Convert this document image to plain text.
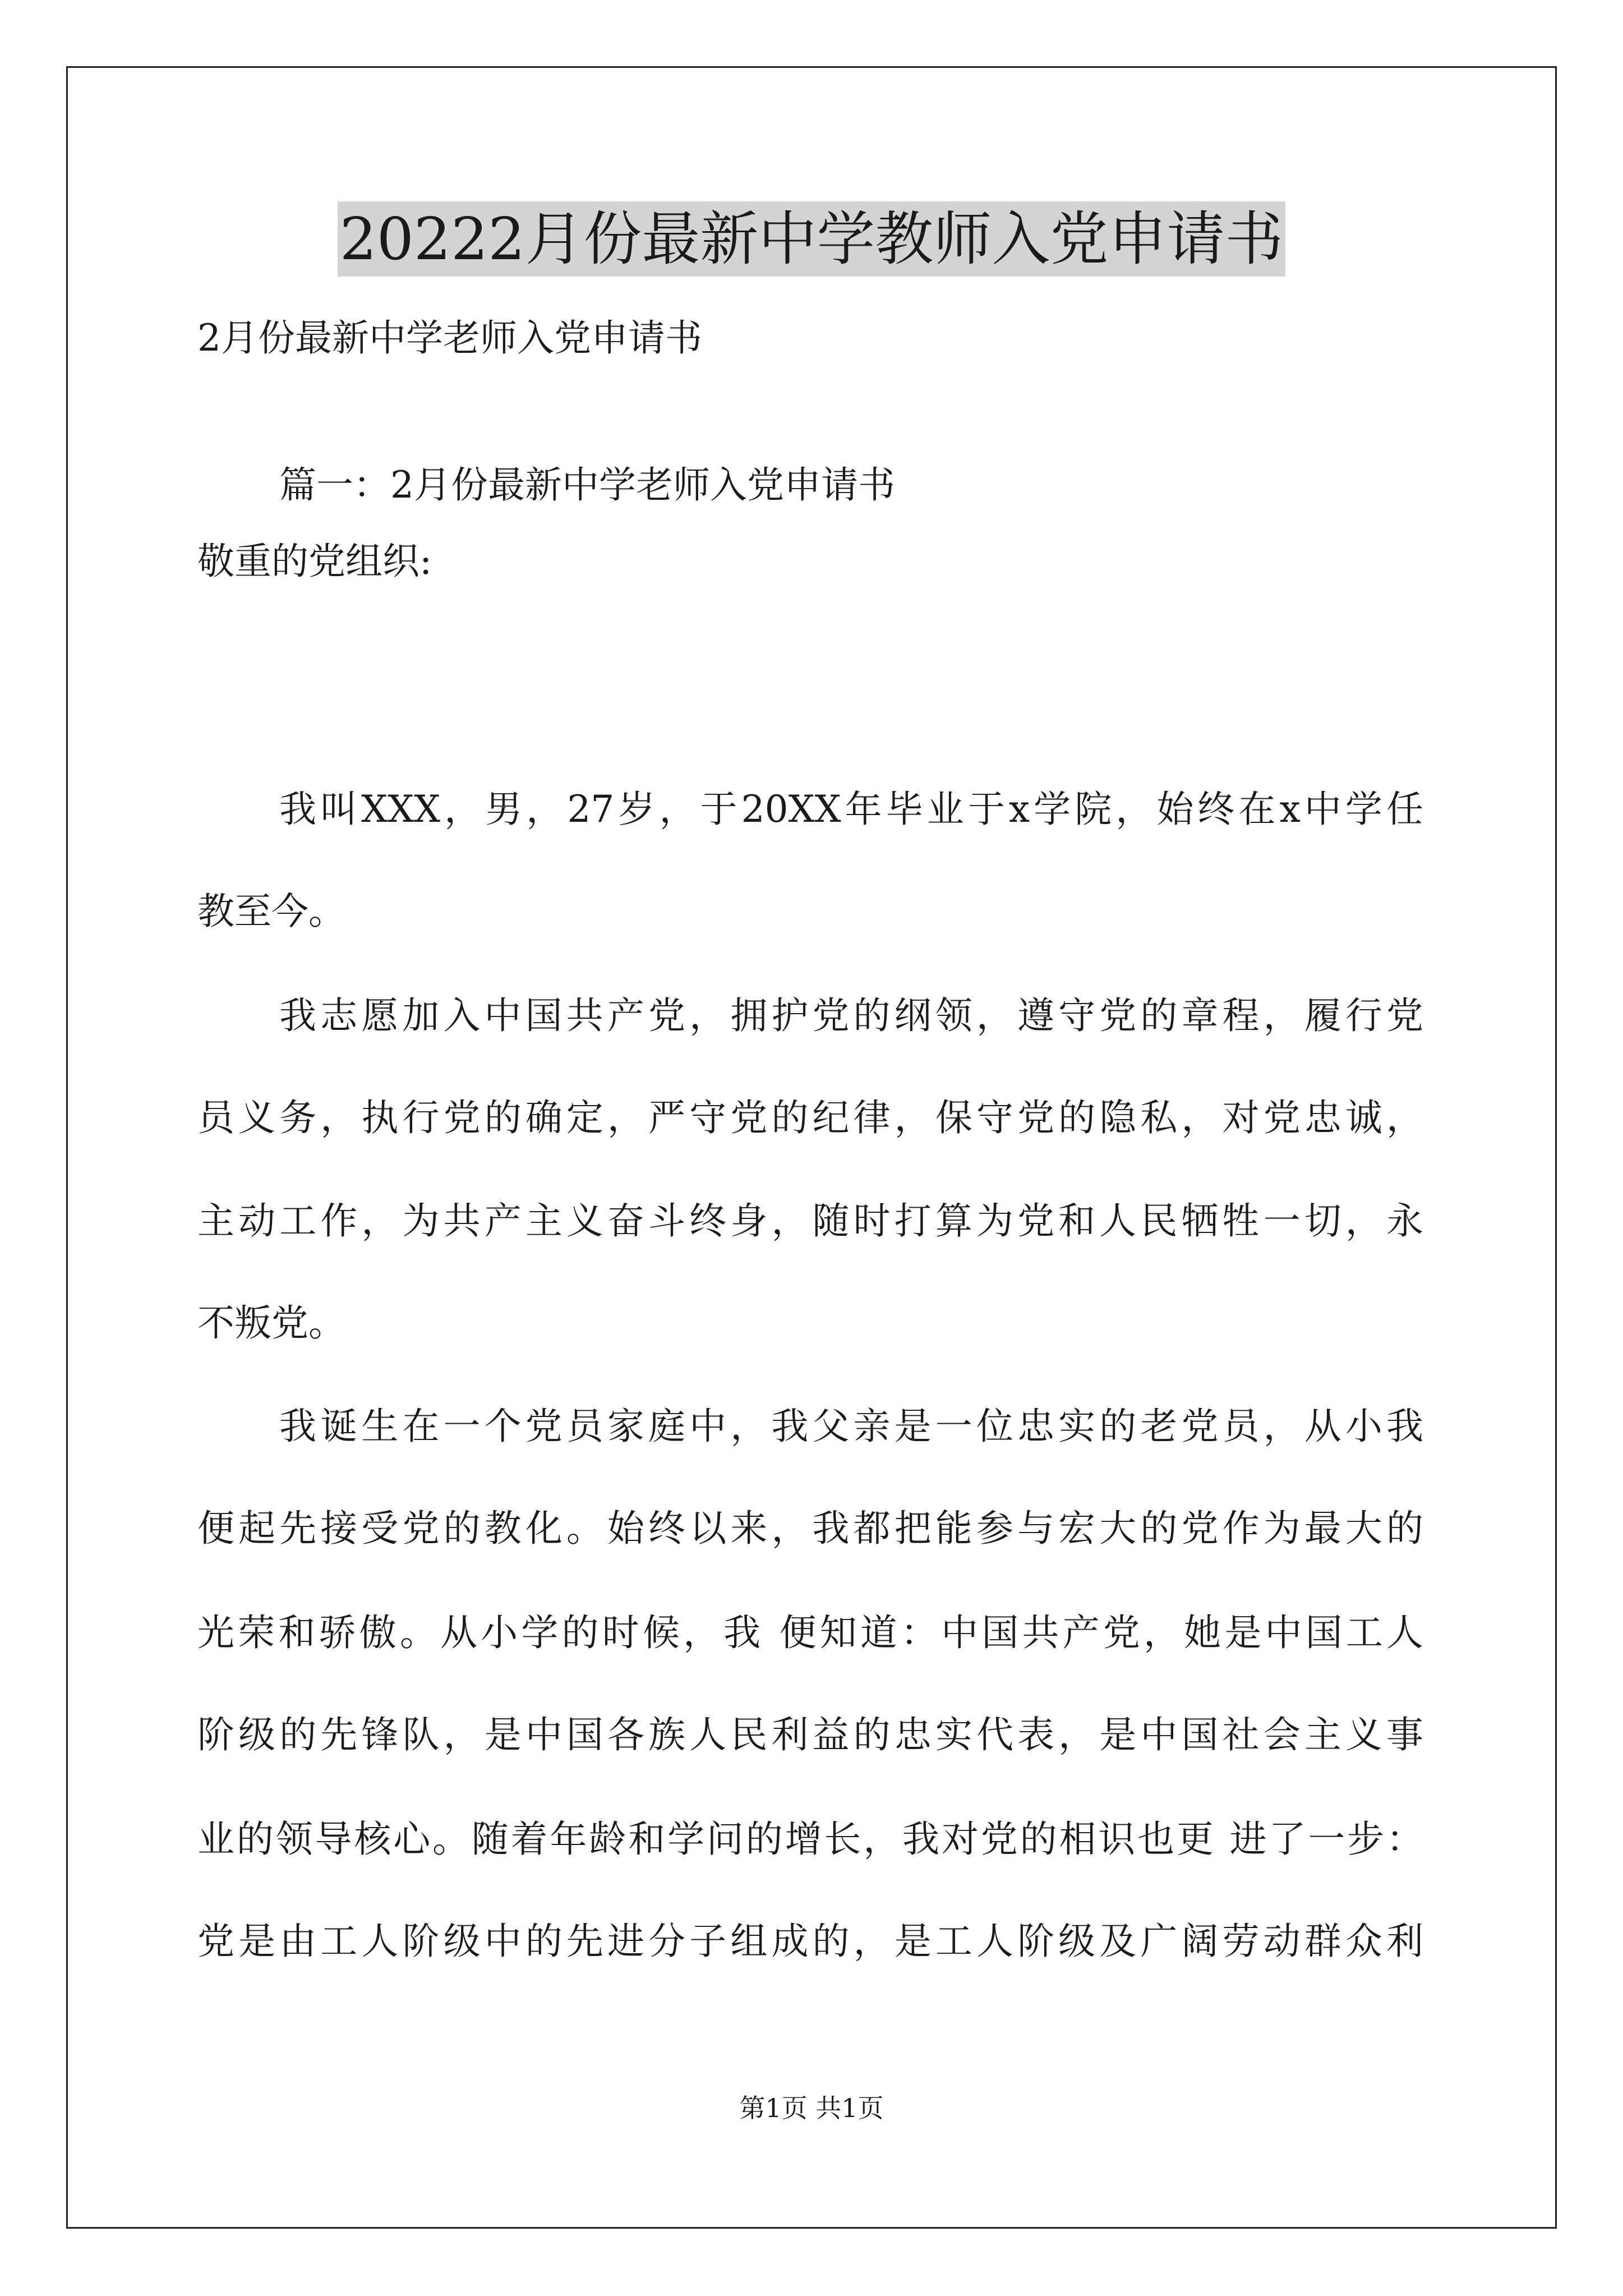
20222月份最新中学教师入党申请书

2月份最新中学老师入党申请书

篇一：2月份最新中学老师入党申请书

敬重的党组织:

我叫XXX，男，27岁，于20XX年毕业于x学院，始终在x中学任

教至今。

我志愿加入中国共产党，拥护党的纲领，遵守党的章程，履行党

员义务，执行党的确定，严守党的纪律，保守党的隐私，对党忠诚，

主动工作，为共产主义奋斗终身，随时打算为党和人民牺牲一切，永

不叛党。

我诞生在一个党员家庭中，我父亲是一位忠实的老党员，从小我

便起先接受党的教化。始终以来，我都把能参与宏大的党作为最大的

光荣和骄傲。从小学的时候，我 便知道：中国共产党，她是中国工人

阶级的先锋队，是中国各族人民利益的忠实代表，是中国社会主义事

业的领导核心。随着年龄和学问的增长，我对党的相识也更 进了一步：

党是由工人阶级中的先进分子组成的，是工人阶级及广阔劳动群众利

第1页 共1页
